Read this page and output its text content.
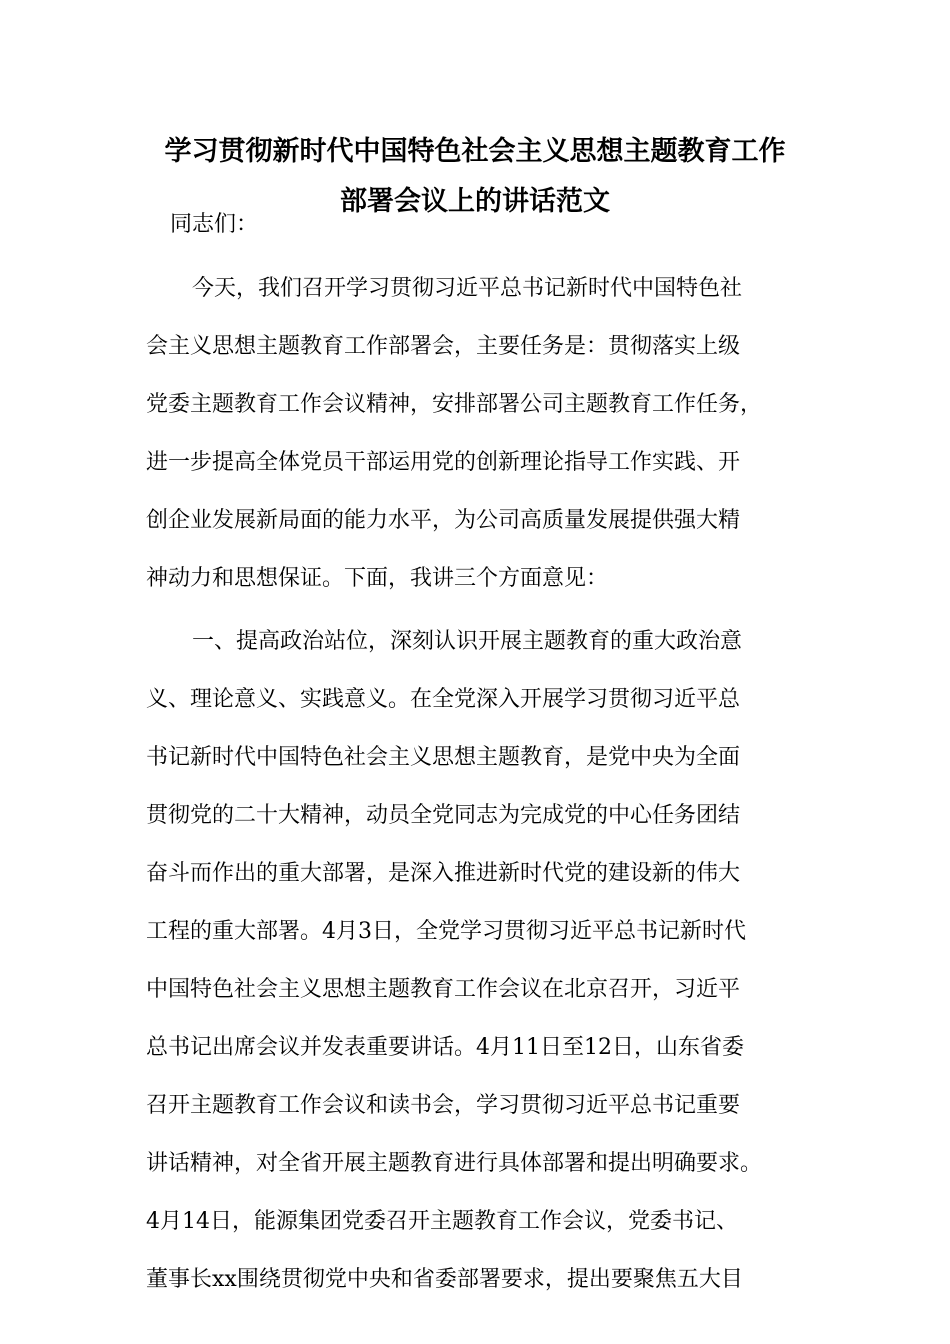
学习贯彻新时代中国特色社会主义思想主题教育工作
部署会议上的讲话范文
同志们：
今天，我们召开学习贯彻习近平总书记新时代中国特色社
会主义思想主题教育工作部署会，主要任务是：贯彻落实上级
党委主题教育工作会议精神，安排部署公司主题教育工作任务，
进一步提高全体党员干部运用党的创新理论指导工作实践、开
创企业发展新局面的能力水平，为公司高质量发展提供强大精
神动力和思想保证。下面，我讲三个方面意见：
一、提高政治站位，深刻认识开展主题教育的重大政治意
义、理论意义、实践意义。在全党深入开展学习贯彻习近平总
书记新时代中国特色社会主义思想主题教育，是党中央为全面
贯彻党的二十大精神，动员全党同志为完成党的中心任务团结
奋斗而作出的重大部署，是深入推进新时代党的建设新的伟大
工程的重大部署。4月3日，全党学习贯彻习近平总书记新时代
中国特色社会主义思想主题教育工作会议在北京召开，习近平
总书记出席会议并发表重要讲话。4月11日至12日，山东省委
召开主题教育工作会议和读书会，学习贯彻习近平总书记重要
讲话精神，对全省开展主题教育进行具体部署和提出明确要求。
4月14日，能源集团党委召开主题教育工作会议，党委书记、
董事长xx围绕贯彻党中央和省委部署要求，提出要聚焦五大目
